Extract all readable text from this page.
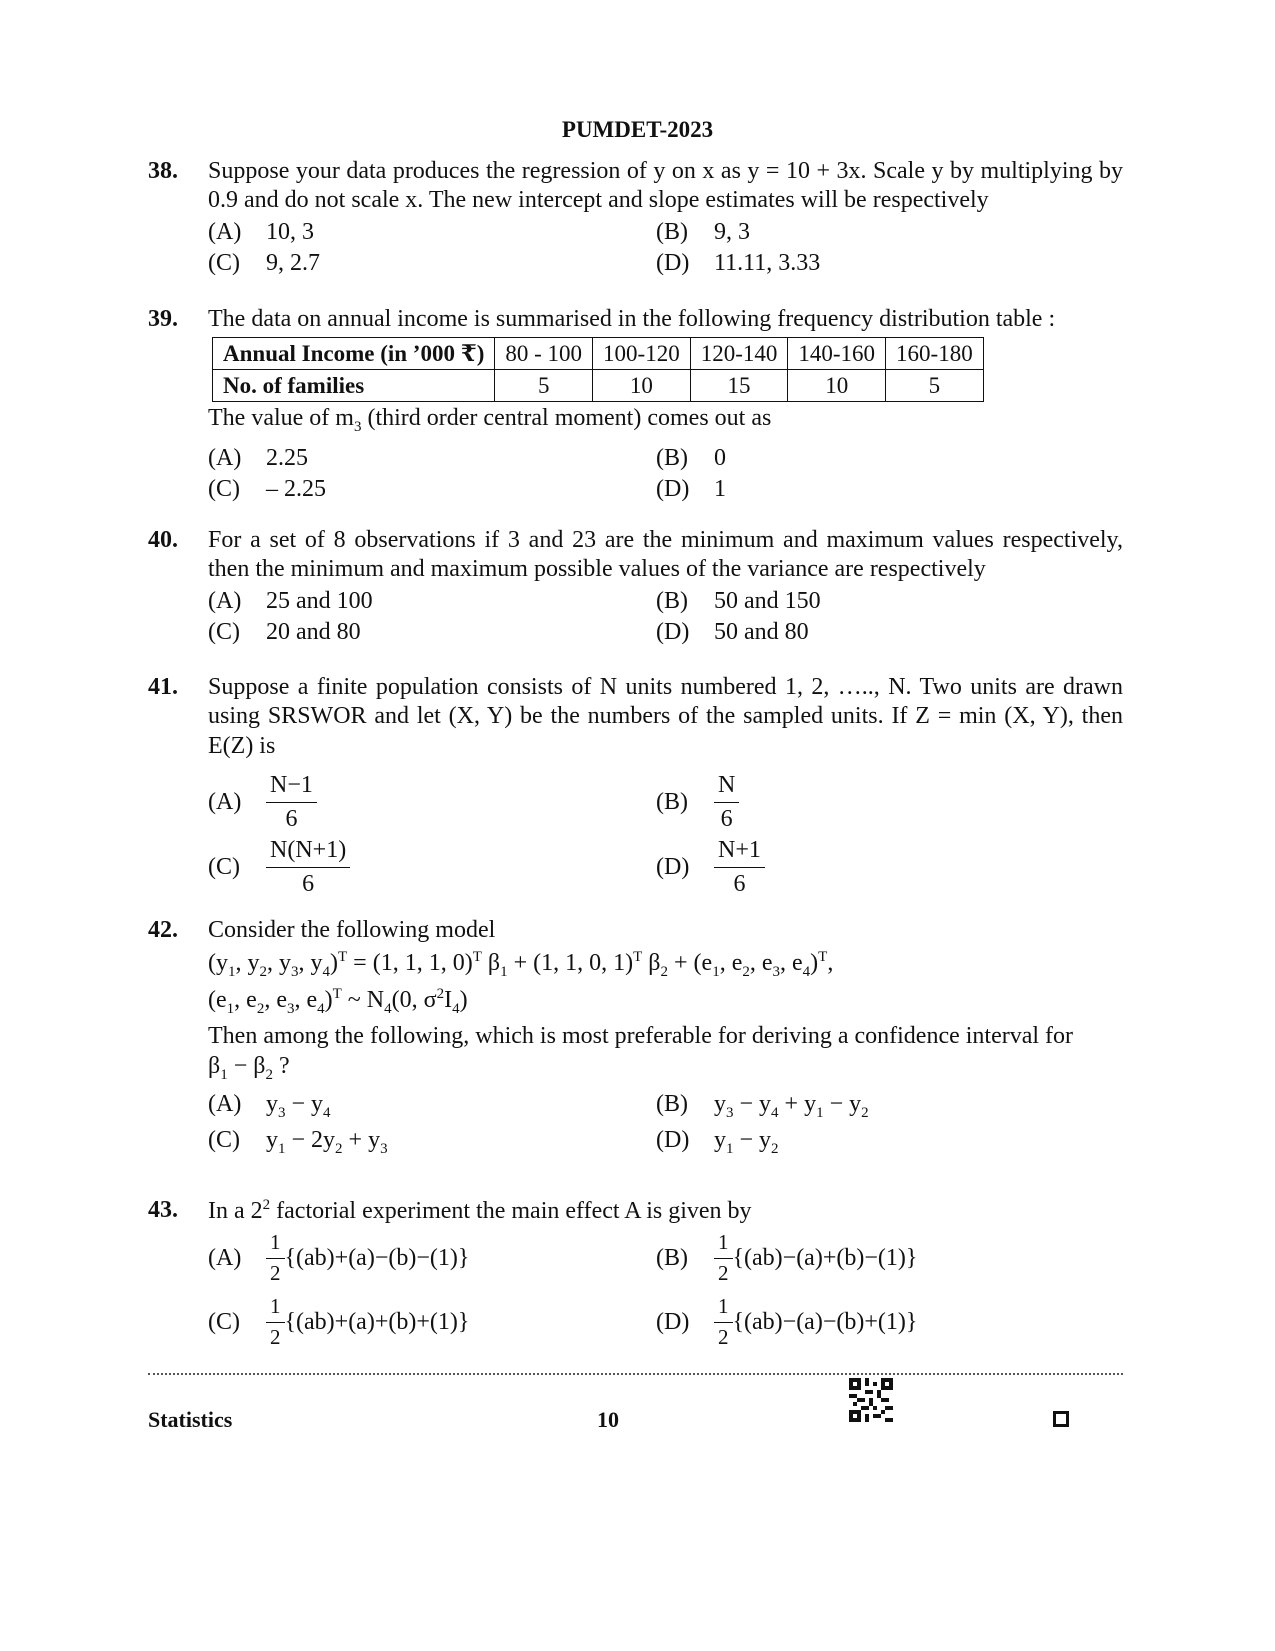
PUMDET-2023
38. Suppose your data produces the regression of y on x as y = 10 + 3x. Scale y by multiplying by 0.9 and do not scale x. The new intercept and slope estimates will be respectively
(A) 10, 3	(B) 9, 3
(C) 9, 2.7	(D) 11.11, 3.33
39. The data on annual income is summarised in the following frequency distribution table :
Annual Income (in ’000 ₹)	80 - 100	100-120	120-140	140-160	160-180
No. of families	5	10	15	10	5
The value of $m_3$ (third order central moment) comes out as
(A) 2.25	(B) 0
(C) – 2.25	(D) 1
40. For a set of 8 observations if 3 and 23 are the minimum and maximum values respectively, then the minimum and maximum possible values of the variance are respectively
(A) 25 and 100	(B) 50 and 150
(C) 20 and 80	(D) 50 and 80
41. Suppose a finite population consists of N units numbered 1, 2, ….., N. Two units are drawn using SRSWOR and let (X, Y) be the numbers of the sampled units. If Z = min (X, Y), then E(Z) is
(A)	$\frac{N-1}{6}$	(B)	$\frac{N}{6}$
(C)	$\frac{N(N+1)}{6}$	(D)	$\frac{N+1}{6}$
42. Consider the following model
($y_1$, $y_2$, $y_3$, $y_4)^T = (1$, 1, 1, 0)$^T$ $\beta_1 + (1$, 1, 0, 1)$^T$ $\beta_2 + (e_1$, $e_2$, $e_3$, $e_4)^T$,
($e_1$, $e_2$, $e_3$, $e_4)^T$ ~ $N_4(0$, $\sigma^2I_4$)
Then among the following, which is most preferable for deriving a confidence interval for
$\beta_1 - \beta_2$ ?
(A) $y_3 - y_4$	(B) $y_3 - y_4 + y_1 - y_2$
(C) $y_1 - 2y_2 + y_3$	(D) $y_1 - y_2$
43. In a $2^2$ factorial experiment the main effect A is given by
(A)	$\frac{1}{2} \{(ab)+(a)-(b)-(1)\}$	(B)	$\frac{1}{2} \{(ab)-(a)+(b)-(1)\}$
(C)	$\frac{1}{2} \{(ab)+(a)+(b)+(1)\}$	(D)	$\frac{1}{2} \{(ab)-(a)-(b)+(1)\}$
Statistics	10
